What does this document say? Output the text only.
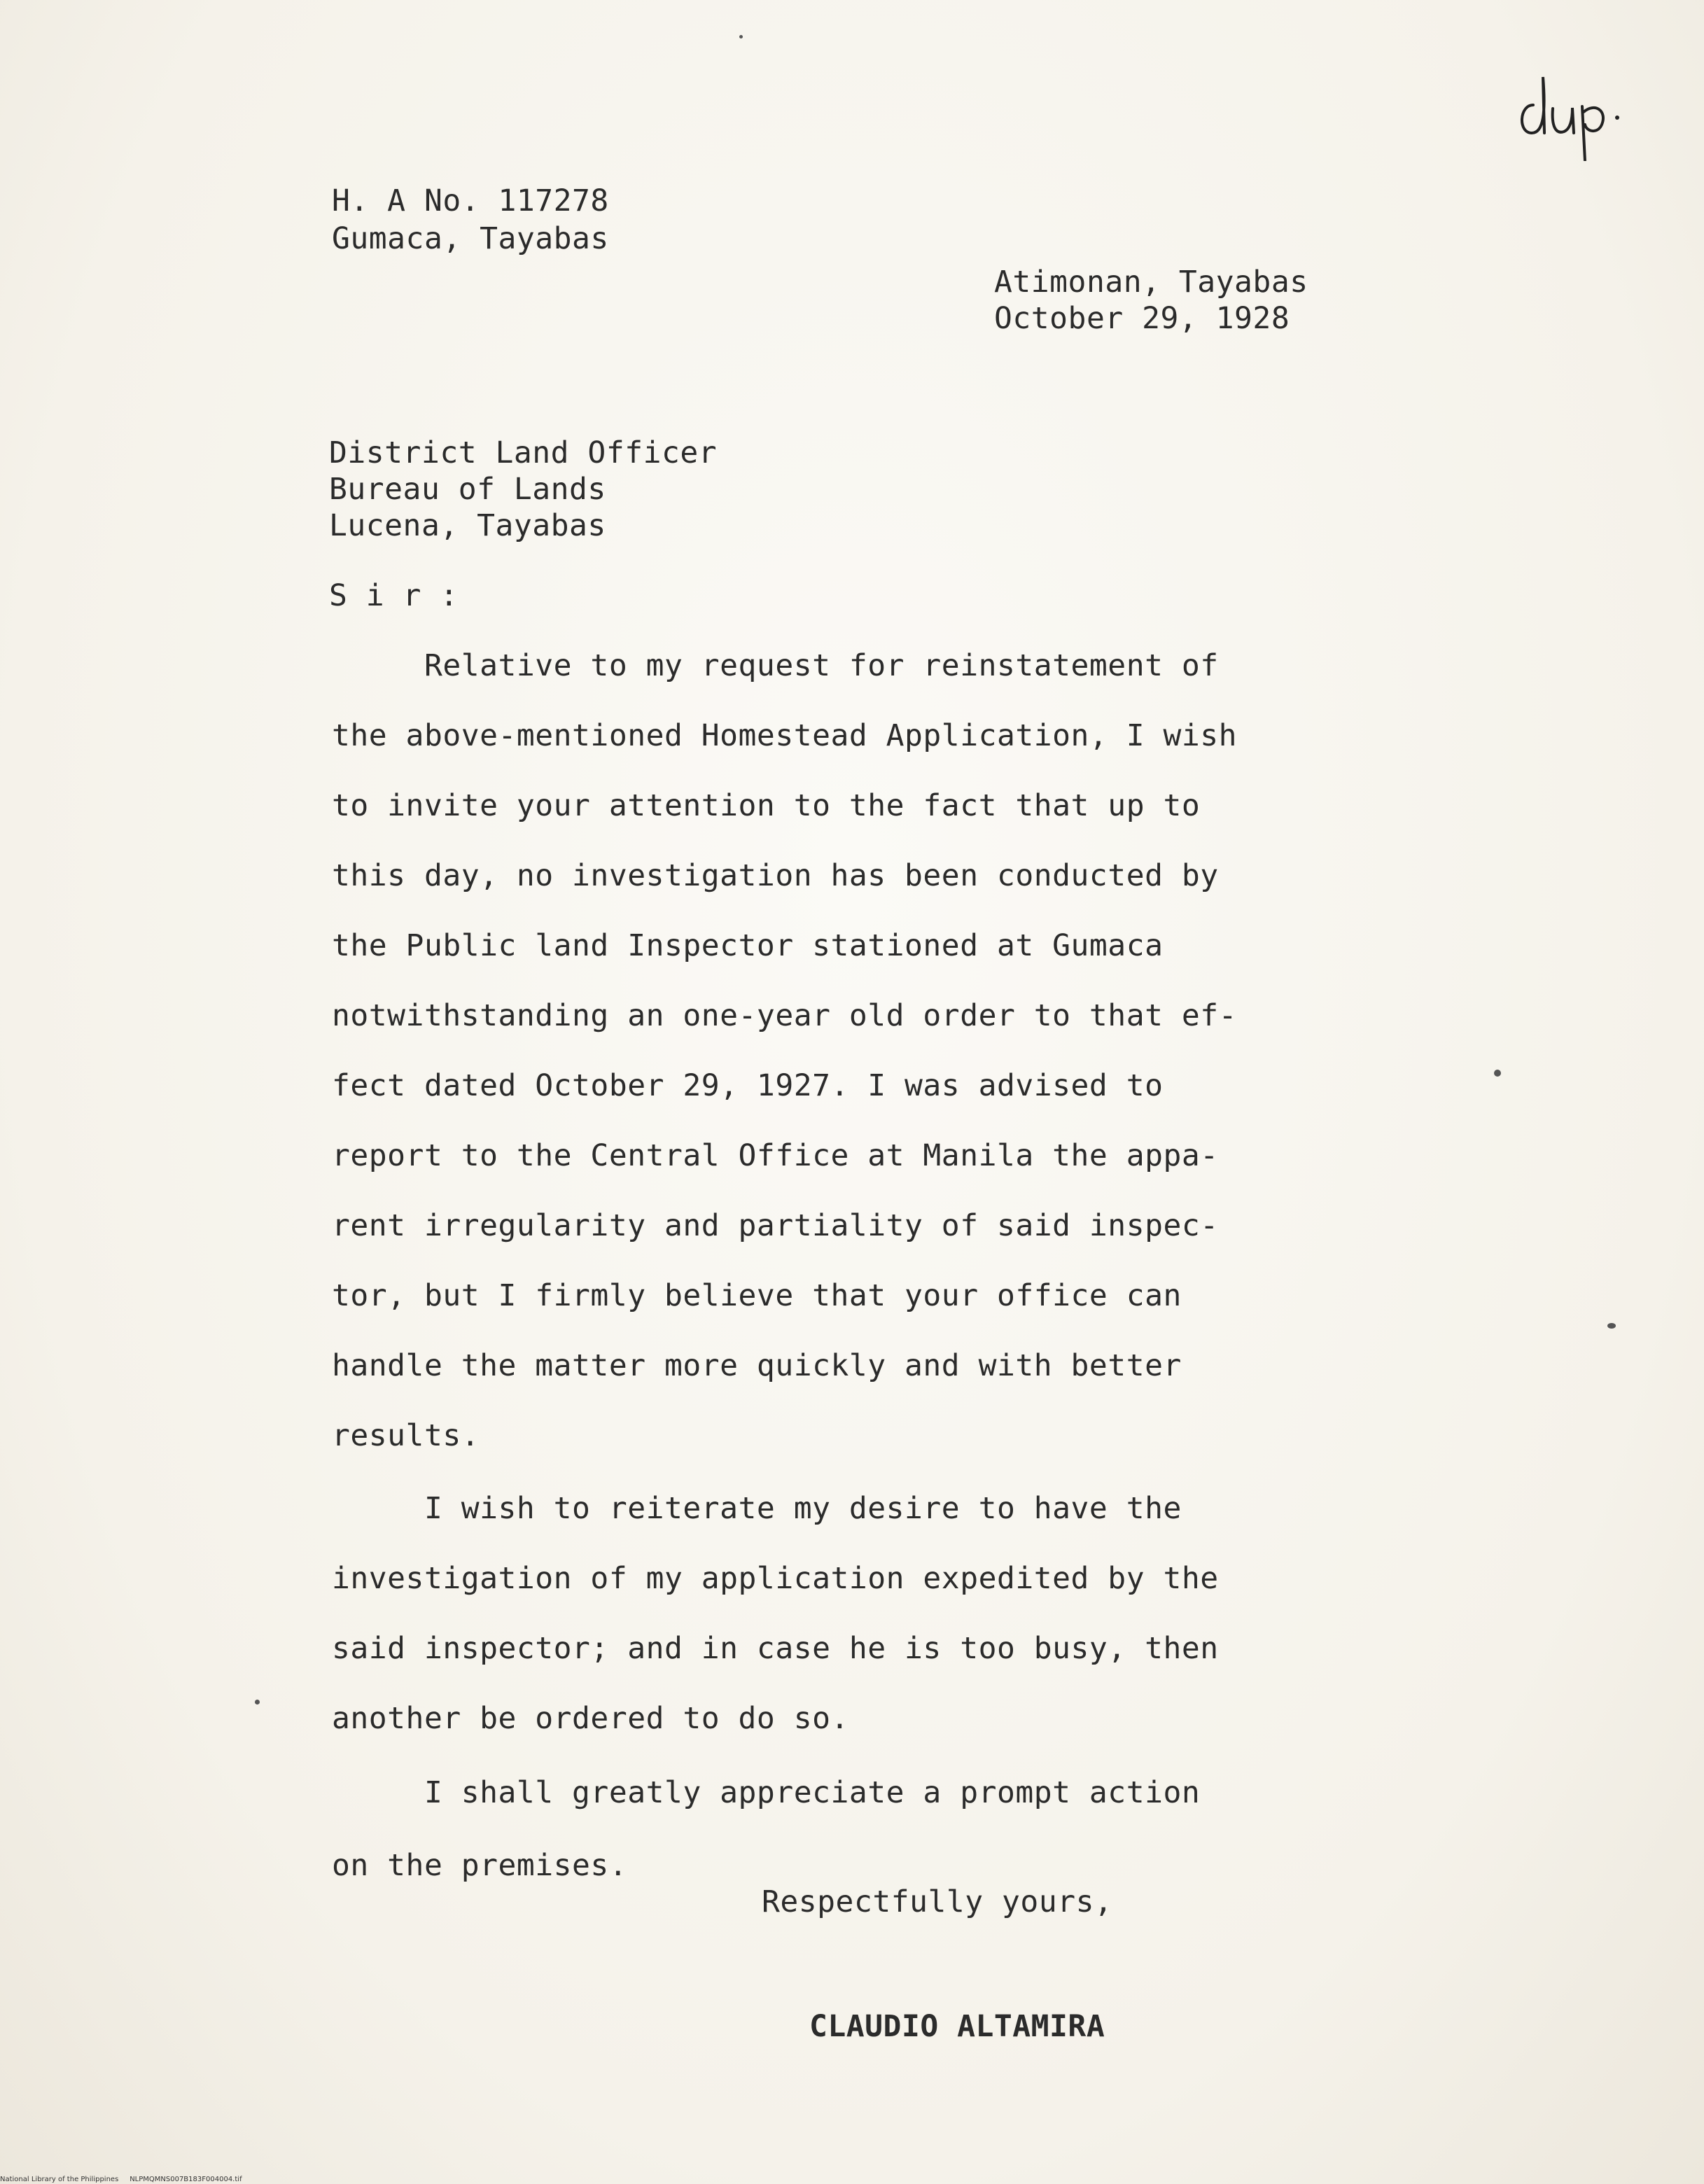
dup.
H. A No. 117278
Gumaca, Tayabas
Atimonan, Tayabas
October 29, 1928
District Land Officer
Bureau of Lands
Lucena, Tayabas
S i r :
Relative to my request for reinstatement of
the above-mentioned Homestead Application, I wish
to invite your attention to the fact that up to
this day, no investigation has been conducted by
the Public land Inspector stationed at Gumaca
notwithstanding an one-year old order to that ef-
fect dated October 29, 1927. I was advised to
report to the Central Office at Manila the appa-
rent irregularity and partiality of said inspec-
tor, but I firmly believe that your office can
handle the matter more quickly and with better
results.
I wish to reiterate my desire to have the
investigation of my application expedited by the
said inspector; and in case he is too busy, then
another be ordered to do so.
I shall greatly appreciate a prompt action
on the premises.
Respectfully yours,
CLAUDIO ALTAMIRA
National Library of the Philippines NLPMQMNS007B183F004004.tif
